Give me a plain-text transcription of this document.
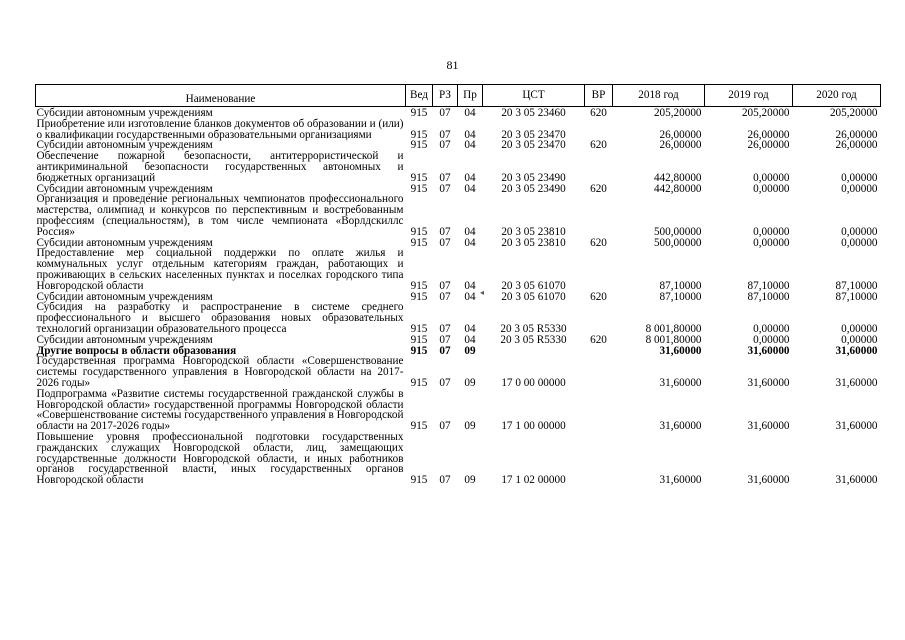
81
Наименование	Вед	РЗ	Пр	ЦСТ	ВР	2018 год	2019 год	2020 год
Субсидии автономным учреждениям	915	07	04	20 3 05 23460	620	205,20000	205,20000	205,20000
Приобретение или изготовление бланков документов об образовании и (или) о квалификации государственными образовательными организациями	915	07	04	20 3 05 23470		26,00000	26,00000	26,00000
Субсидии автономным учреждениям	915	07	04	20 3 05 23470	620	26,00000	26,00000	26,00000
Обеспечение пожарной безопасности, антитеррористической и антикриминальной безопасности государственных автономных и бюджетных организаций	915	07	04	20 3 05 23490		442,80000	0,00000	0,00000
Субсидии автономным учреждениям	915	07	04	20 3 05 23490	620	442,80000	0,00000	0,00000
Организация и проведение региональных чемпионатов профессионального мастерства, олимпиад и конкурсов по перспективным и востребованным профессиям (специальностям), в том числе чемпионата «Ворлдскиллс Россия»	915	07	04	20 3 05 23810		500,00000	0,00000	0,00000
Субсидии автономным учреждениям	915	07	04	20 3 05 23810	620	500,00000	0,00000	0,00000
Предоставление мер социальной поддержки по оплате жилья и коммунальных услуг отдельным категориям граждан, работающих и проживающих в сельских населенных пунктах и поселках городского типа Новгородской области	915	07	04	20 3 05 61070		87,10000	87,10000	87,10000
Субсидии автономным учреждениям	915	07	04	20 3 05 61070	620	87,10000	87,10000	87,10000
Субсидия на разработку и распространение в системе среднего профессионального и высшего образования новых образовательных технологий организации образовательного процесса	915	07	04	20 3 05 R5330		8 001,80000	0,00000	0,00000
Субсидии автономным учреждениям	915	07	04	20 3 05 R5330	620	8 001,80000	0,00000	0,00000
Другие вопросы в области образования	915	07	09			31,60000	31,60000	31,60000
Государственная программа Новгородской области «Совершенствование системы государственного управления в Новгородской области на 2017-2026 годы»	915	07	09	17 0 00 00000		31,60000	31,60000	31,60000
Подпрограмма «Развитие системы государственной гражданской службы в Новгородской области» государственной программы Новгородской области «Совершенствование системы государственного управления в Новгородской области на 2017-2026 годы»	915	07	09	17 1 00 00000		31,60000	31,60000	31,60000
Повышение уровня профессиональной подготовки государственных гражданских служащих Новгородской области, лиц, замещающих государственные должности Новгородской области, и иных работников органов государственной власти, иных государственных органов Новгородской области	915	07	09	17 1 02 00000		31,60000	31,60000	31,60000
◂
